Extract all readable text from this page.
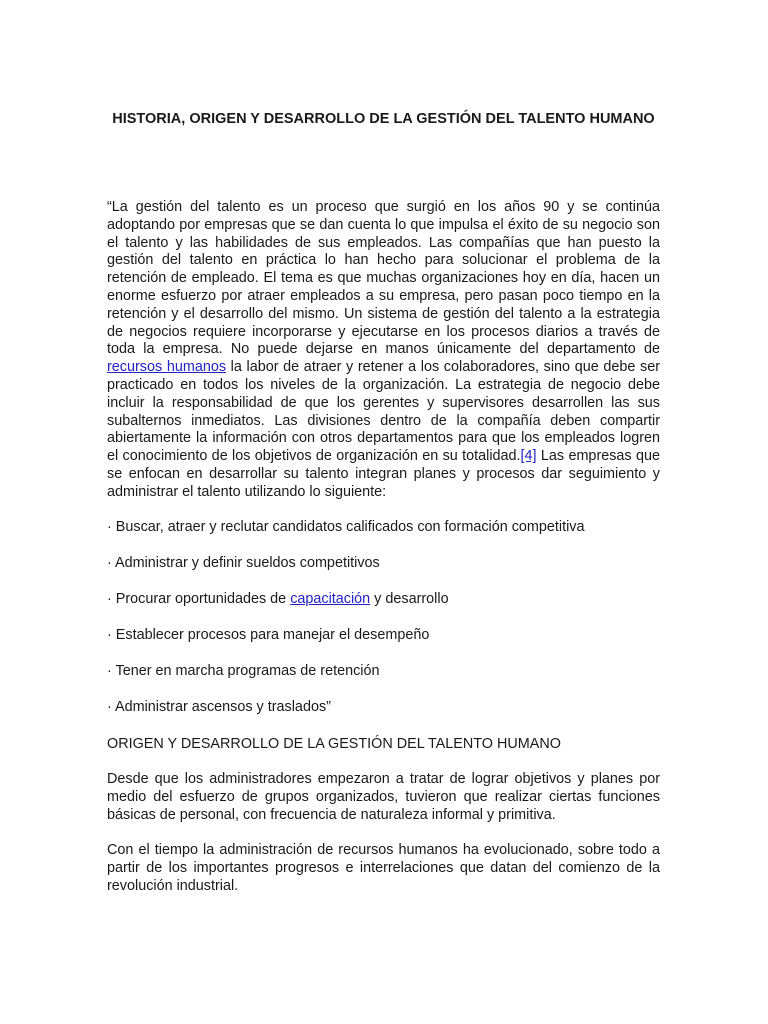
HISTORIA, ORIGEN Y DESARROLLO DE LA GESTIÓN DEL TALENTO HUMANO

“La gestión del talento es un proceso que surgió en los años 90 y se continúa adoptando por empresas que se dan cuenta lo que impulsa el éxito de su negocio son el talento y las habilidades de sus empleados. Las compañías que han puesto la gestión del talento en práctica lo han hecho para solucionar el problema de la retención de empleado. El tema es que muchas organizaciones hoy en día, hacen un enorme esfuerzo por atraer empleados a su empresa, pero pasan poco tiempo en la retención y el desarrollo del mismo. Un sistema de gestión del talento a la estrategia de negocios requiere incorporarse y ejecutarse en los procesos diarios a través de toda la empresa. No puede dejarse en manos únicamente del departamento de recursos humanos la labor de atraer y retener a los colaboradores, sino que debe ser practicado en todos los niveles de la organización. La estrategia de negocio debe incluir la responsabilidad de que los gerentes y supervisores desarrollen las sus subalternos inmediatos. Las divisiones dentro de la compañía deben compartir abiertamente la información con otros departamentos para que los empleados logren el conocimiento de los objetivos de organización en su totalidad.[4] Las empresas que se enfocan en desarrollar su talento integran planes y procesos dar seguimiento y administrar el talento utilizando lo siguiente:

· Buscar, atraer y reclutar candidatos calificados con formación competitiva
· Administrar y definir sueldos competitivos
· Procurar oportunidades de capacitación y desarrollo
· Establecer procesos para manejar el desempeño
· Tener en marcha programas de retención
· Administrar ascensos y traslados”

ORIGEN Y DESARROLLO DE LA GESTIÓN DEL TALENTO HUMANO

Desde que los administradores empezaron a tratar de lograr objetivos y planes por medio del esfuerzo de grupos organizados, tuvieron que realizar ciertas funciones básicas de personal, con frecuencia de naturaleza informal y primitiva.

Con el tiempo la administración de recursos humanos ha evolucionado, sobre todo a partir de los importantes progresos e interrelaciones que datan del comienzo de la revolución industrial.
